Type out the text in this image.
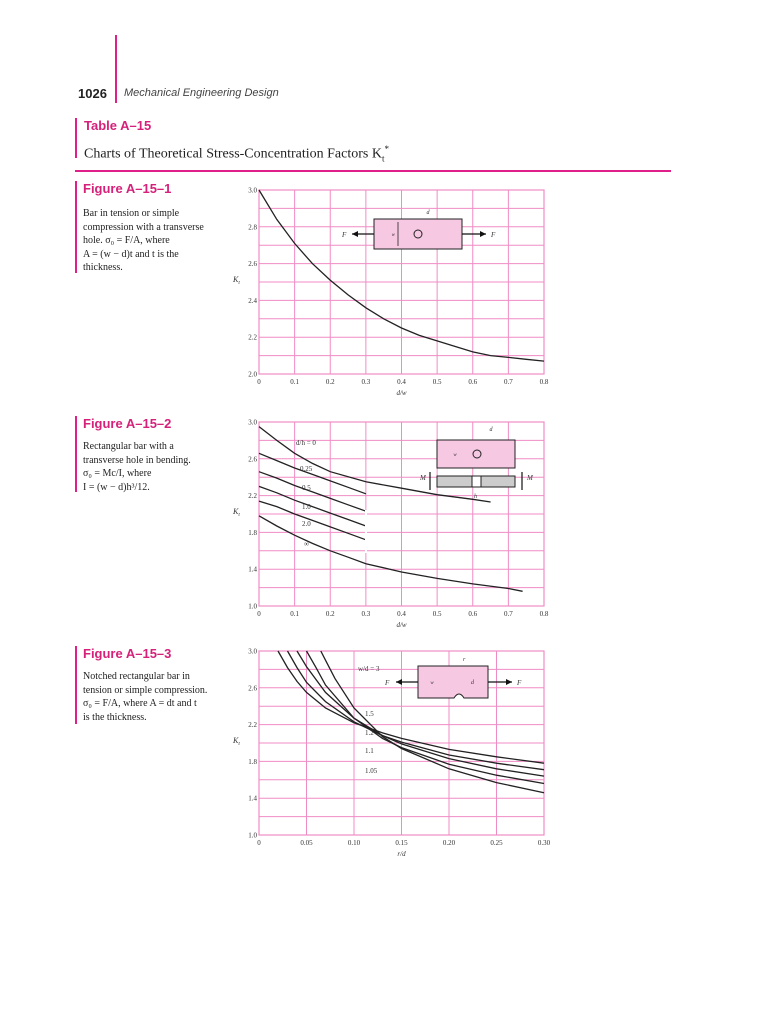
1026 Mechanical Engineering Design
Table A–15
Charts of Theoretical Stress-Concentration Factors $K_t^*$
Figure A–15–1
Bar in tension or simple
compression with a transverse
hole. σ₀ = F/A, where
A = (w − d)t and t is the
thickness.
Figure A–15–2
Rectangular bar with a
transverse hole in bending.
σ₀ = Mc/I, where
I = (w − d)h³/12.
Figure A–15–3
Notched rectangular bar in
tension or simple compression.
σ₀ = F/A, where A = dt and t
is the thickness.
0	0.1	0.2	0.3	0.4	0.5	0.6	0.7	0.8
2.0
2.2
2.4
2.6
2.8
3.0
d/w
$K_t$
0	0.1	0.2	0.3	0.4	0.5	0.6	0.7	0.8
1.0
1.4
1.8
2.2
2.6
3.0
d/w
$K_t$
d/h = 0
0.25
0.5
1.0
2.0
∞
0	0.05	0.10	0.15	0.20	0.25	0.30
1.0
1.4
1.8
2.2
2.6
3.0
r/d
$K_t$
w/d = 3
1.5
1.2
1.1
1.05
F	F
d
w
M	M
d
w
h
F	F
r
w	d
